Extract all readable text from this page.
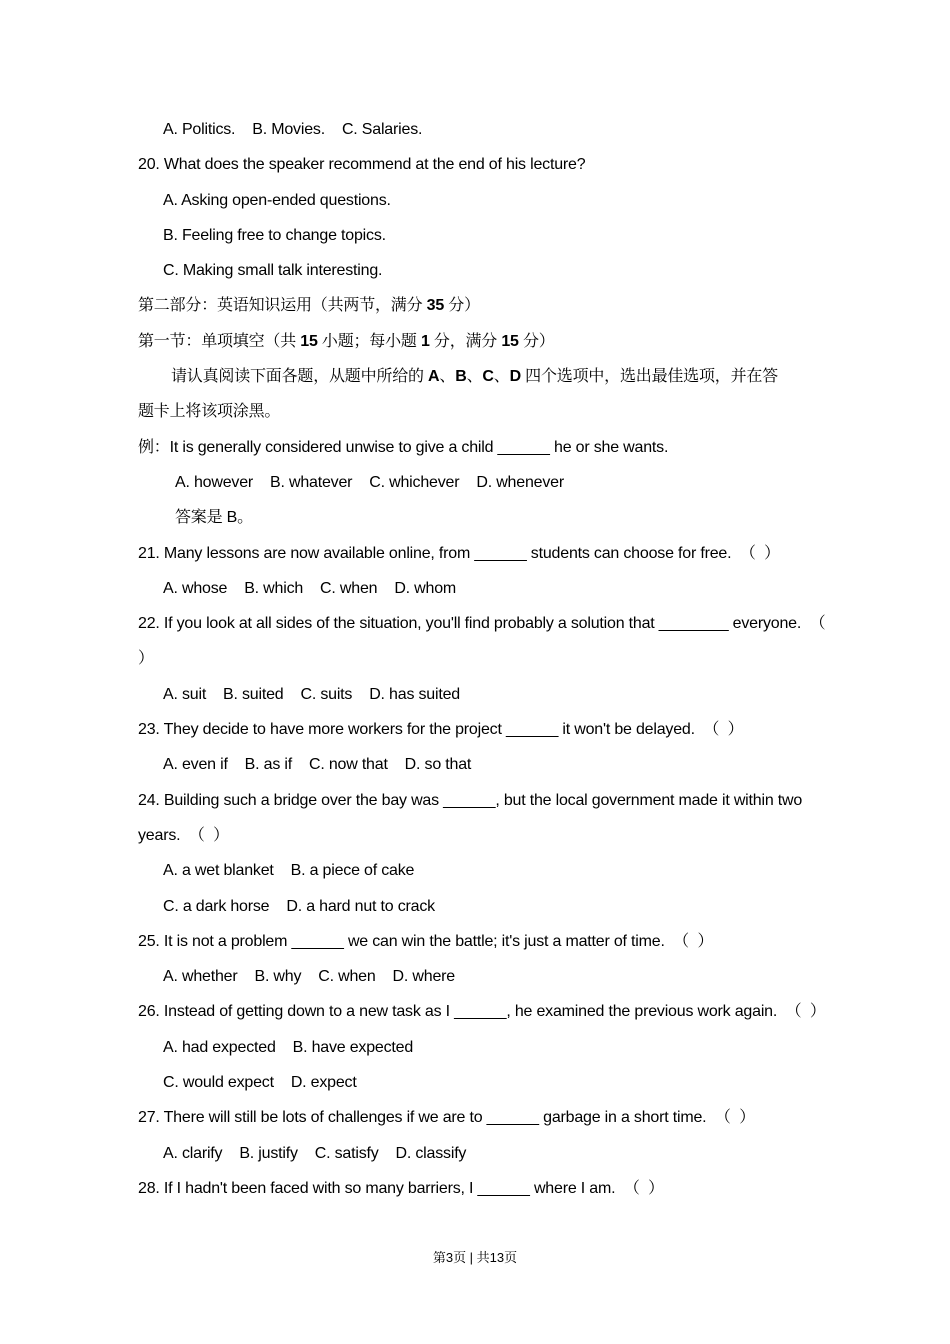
A. Politics.    B. Movies.    C. Salaries.
20. What does the speaker recommend at the end of his lecture?
A. Asking open-ended questions.
B. Feeling free to change topics.
C. Making small talk interesting.
第二部分：英语知识运用（共两节，满分 35 分）
第一节：单项填空（共 15 小题；每小题 1 分，满分 15 分）
请认真阅读下面各题，从题中所给的 A、B、C、D 四个选项中，选出最佳选项，并在答
题卡上将该项涂黑。
例：It is generally considered unwise to give a child ______ he or she wants.
A. however    B. whatever    C. whichever    D. whenever
答案是 B。
21. Many lessons are now available online, from ______ students can choose for free.  （  ）
A. whose    B. which    C. when    D. whom
22. If you look at all sides of the situation, you'll find probably a solution that ________ everyone.  （
）
A. suit    B. suited    C. suits    D. has suited
23. They decide to have more workers for the project ______ it won't be delayed.  （  ）
A. even if    B. as if    C. now that    D. so that
24. Building such a bridge over the bay was ______, but the local government made it within two
years.  （  ）
A. a wet blanket    B. a piece of cake
C. a dark horse    D. a hard nut to crack
25. It is not a problem ______ we can win the battle; it's just a matter of time.  （  ）
A. whether    B. why    C. when    D. where
26. Instead of getting down to a new task as I ______, he examined the previous work again.  （  ）
A. had expected    B. have expected
C. would expect    D. expect
27. There will still be lots of challenges if we are to ______ garbage in a short time.  （  ）
A. clarify    B. justify    C. satisfy    D. classify
28. If I hadn't been faced with so many barriers, I ______ where I am.  （  ）
第3页 | 共13页
